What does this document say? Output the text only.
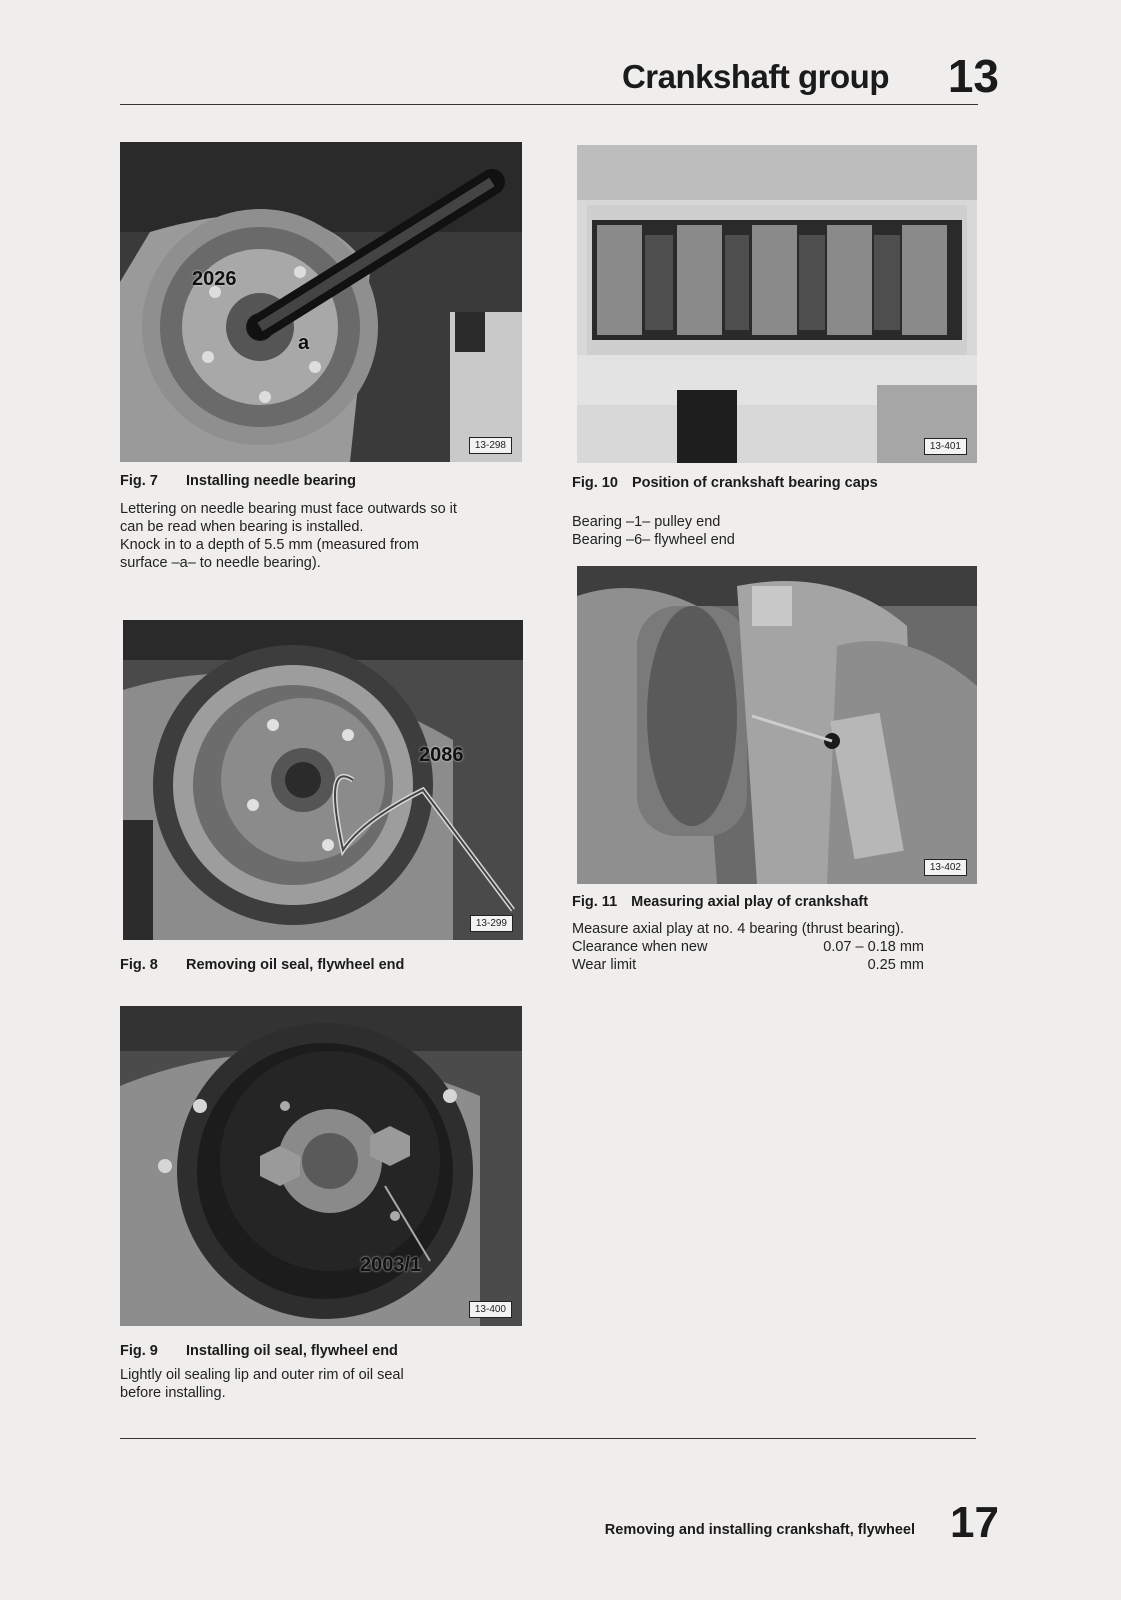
Crankshaft group 13
2026
a
13-298
Fig. 7 Installing needle bearing

Lettering on needle bearing must face outwards so it

can be read when bearing is installed.

Knock in to a depth of 5.5 mm (measured from

surface –a– to needle bearing).

2086
13-299
Fig. 8 Removing oil seal, flywheel end
2003/1
13-400
Fig. 9 Installing oil seal, flywheel end

Lightly oil sealing lip and outer rim of oil seal

before installing.

13-401
Fig. 10 Position of crankshaft bearing caps

Bearing –1– pulley end

Bearing –6– flywheel end

13-402
Fig. 11 Measuring axial play of crankshaft

Measure axial play at no. 4 bearing (thrust bearing).

Clearance when new	0.07 – 0.18 mm
Wear limit	0.25 mm
Removing and installing crankshaft, flywheel 17
